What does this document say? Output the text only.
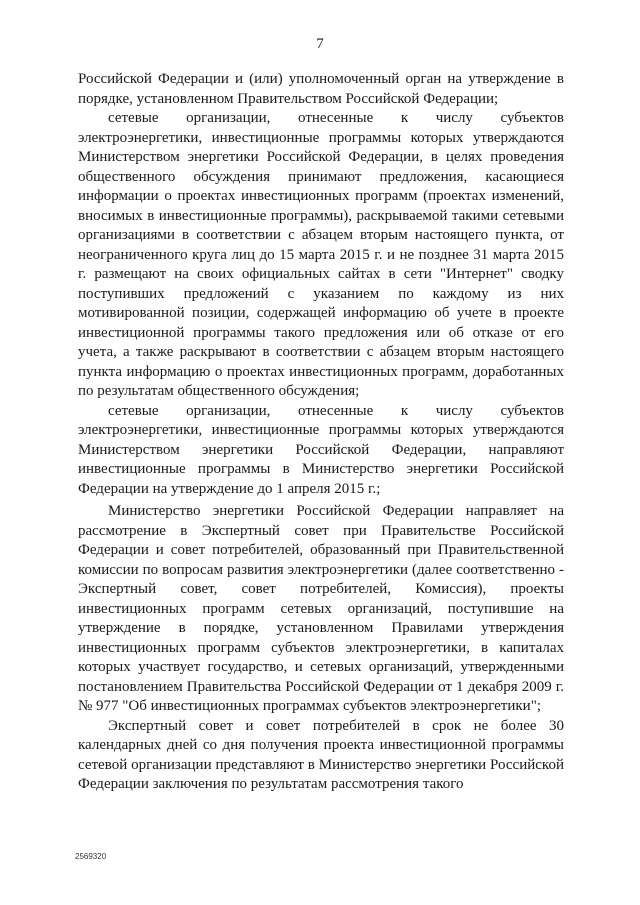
7

Российской Федерации и (или) уполномоченный орган на утверждение в порядке, установленном Правительством Российской Федерации;

сетевые организации, отнесенные к числу субъектов электроэнергетики, инвестиционные программы которых утверждаются Министерством энергетики Российской Федерации, в целях проведения общественного обсуждения принимают предложения, касающиеся информации о проектах инвестиционных программ (проектах изменений, вносимых в инвестиционные программы), раскрываемой такими сетевыми организациями в соответствии с абзацем вторым настоящего пункта, от неограниченного круга лиц до 15 марта 2015 г. и не позднее 31 марта 2015 г. размещают на своих официальных сайтах в сети "Интернет" сводку поступивших предложений с указанием по каждому из них мотивированной позиции, содержащей информацию об учете в проекте инвестиционной программы такого предложения или об отказе от его учета, а также раскрывают в соответствии с абзацем вторым настоящего пункта информацию о проектах инвестиционных программ, доработанных по результатам общественного обсуждения;

сетевые организации, отнесенные к числу субъектов электроэнергетики, инвестиционные программы которых утверждаются Министерством энергетики Российской Федерации, направляют инвестиционные программы в Министерство энергетики Российской Федерации на утверждение до 1 апреля 2015 г.;

Министерство энергетики Российской Федерации направляет на рассмотрение в Экспертный совет при Правительстве Российской Федерации и совет потребителей, образованный при Правительственной комиссии по вопросам развития электроэнергетики (далее соответственно - Экспертный совет, совет потребителей, Комиссия), проекты инвестиционных программ сетевых организаций, поступившие на утверждение в порядке, установленном Правилами утверждения инвестиционных программ субъектов электроэнергетики, в капиталах которых участвует государство, и сетевых организаций, утвержденными постановлением Правительства Российской Федерации от 1 декабря 2009 г. № 977 "Об инвестиционных программах субъектов электроэнергетики";

Экспертный совет и совет потребителей в срок не более 30 календарных дней со дня получения проекта инвестиционной программы сетевой организации представляют в Министерство энергетики Российской Федерации заключения по результатам рассмотрения такого

2569320
